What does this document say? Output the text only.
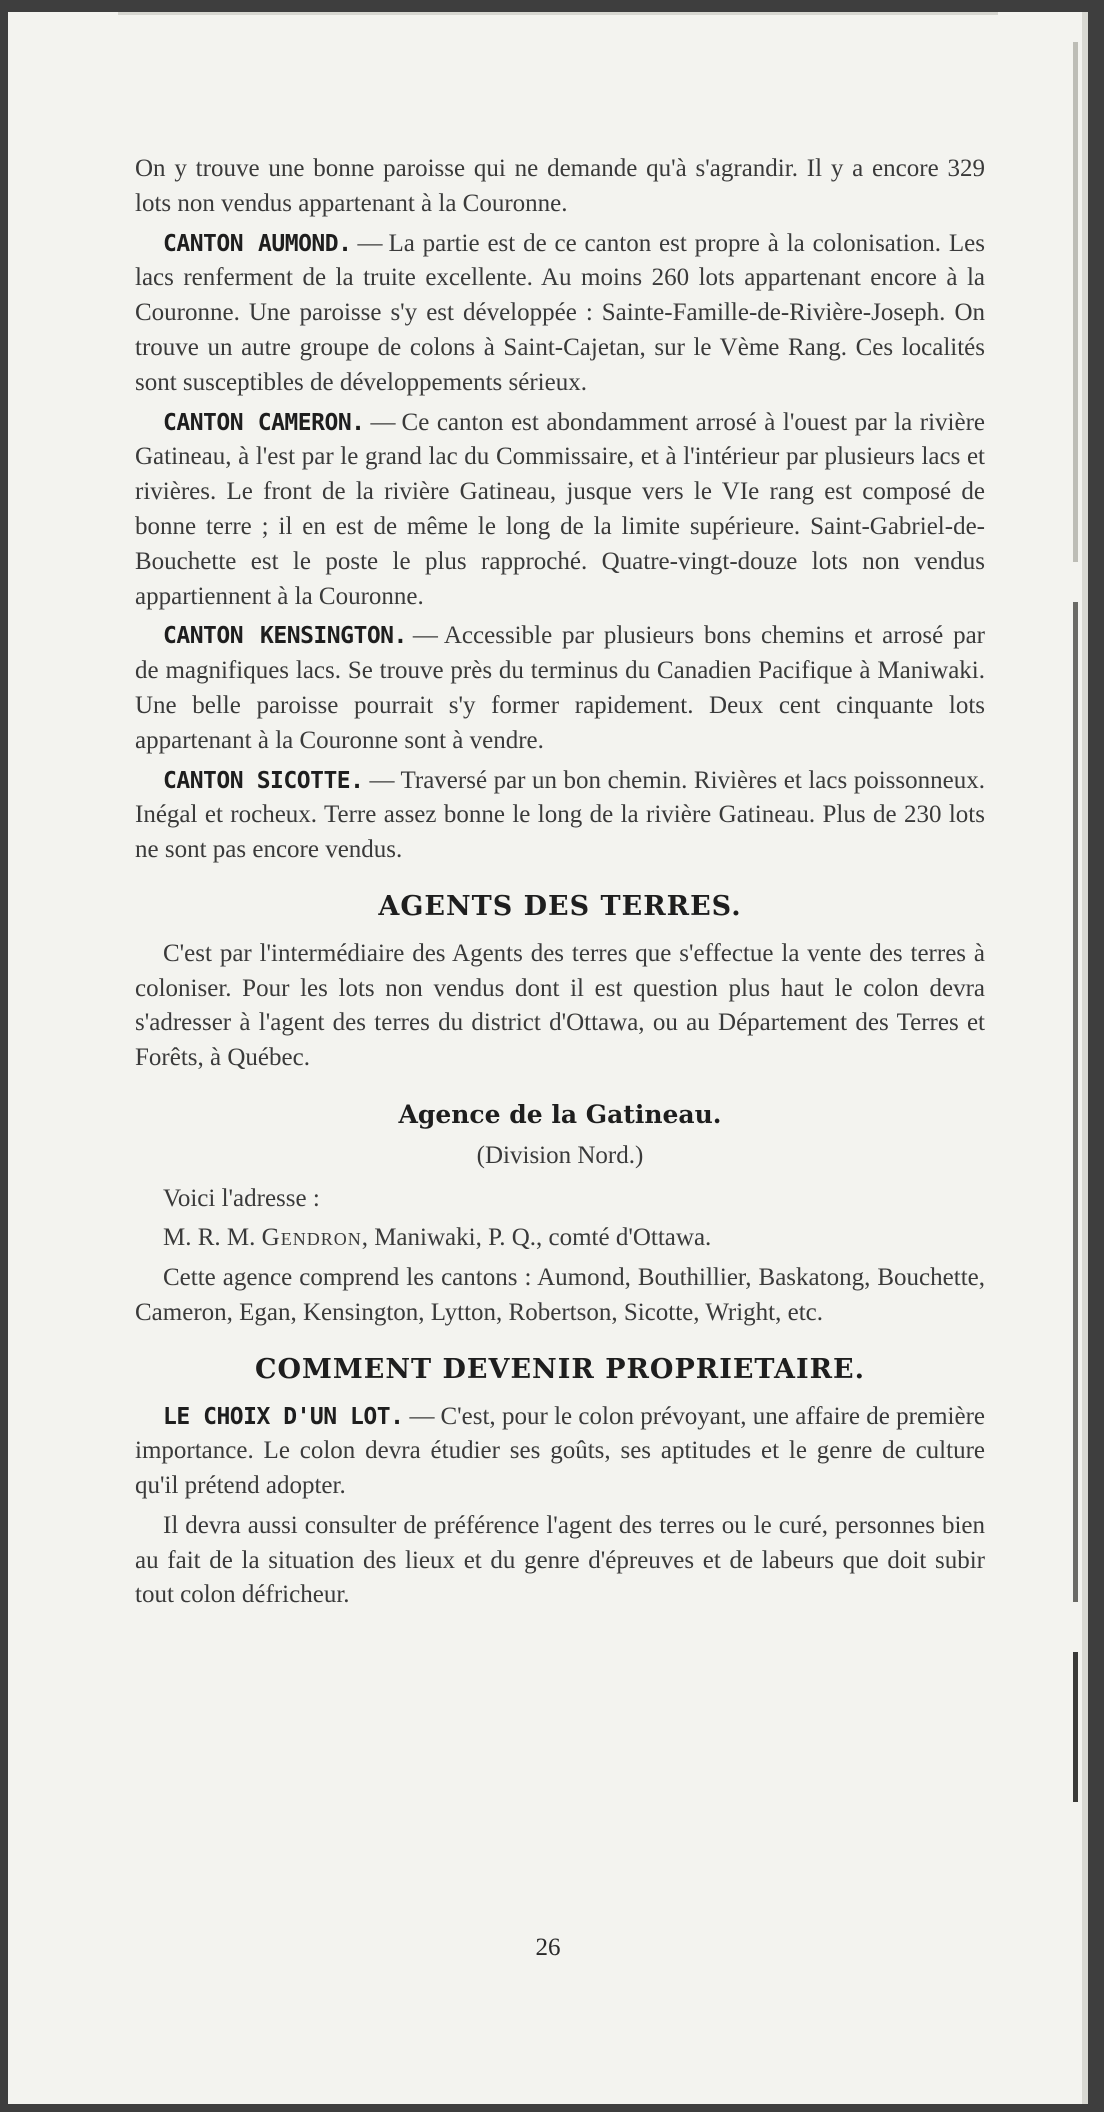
On y trouve une bonne paroisse qui ne demande qu'à s'agrandir. Il y a encore 329 lots non vendus appartenant à la Couronne.

CANTON AUMOND. — La partie est de ce canton est propre à la colonisation. Les lacs renferment de la truite excellente. Au moins 260 lots appartenant encore à la Couronne. Une paroisse s'y est développée : Sainte-Famille-de-Rivière-Joseph. On trouve un autre groupe de colons à Saint-Cajetan, sur le Vème Rang. Ces localités sont susceptibles de développements sérieux.

CANTON CAMERON. — Ce canton est abondamment arrosé à l'ouest par la rivière Gatineau, à l'est par le grand lac du Commissaire, et à l'intérieur par plusieurs lacs et rivières. Le front de la rivière Gatineau, jusque vers le VIe rang est composé de bonne terre ; il en est de même le long de la limite supérieure. Saint-Gabriel-de-Bouchette est le poste le plus rapproché. Quatre-vingt-douze lots non vendus appartiennent à la Couronne.

CANTON KENSINGTON. — Accessible par plusieurs bons chemins et arrosé par de magnifiques lacs. Se trouve près du terminus du Canadien Pacifique à Maniwaki. Une belle paroisse pourrait s'y former rapidement. Deux cent cinquante lots appartenant à la Couronne sont à vendre.

CANTON SICOTTE. — Traversé par un bon chemin. Rivières et lacs poissonneux. Inégal et rocheux. Terre assez bonne le long de la rivière Gatineau. Plus de 230 lots ne sont pas encore vendus.

AGENTS DES TERRES.

C'est par l'intermédiaire des Agents des terres que s'effectue la vente des terres à coloniser. Pour les lots non vendus dont il est question plus haut le colon devra s'adresser à l'agent des terres du district d'Ottawa, ou au Département des Terres et Forêts, à Québec.

Agence de la Gatineau.
(Division Nord.)

Voici l'adresse :

M. R. M. Gendron, Maniwaki, P. Q., comté d'Ottawa.

Cette agence comprend les cantons : Aumond, Bouthillier, Baskatong, Bouchette, Cameron, Egan, Kensington, Lytton, Robertson, Sicotte, Wright, etc.

COMMENT DEVENIR PROPRIETAIRE.

LE CHOIX D'UN LOT. — C'est, pour le colon prévoyant, une affaire de première importance. Le colon devra étudier ses goûts, ses aptitudes et le genre de culture qu'il prétend adopter.

Il devra aussi consulter de préférence l'agent des terres ou le curé, personnes bien au fait de la situation des lieux et du genre d'épreuves et de labeurs que doit subir tout colon défricheur.

26
